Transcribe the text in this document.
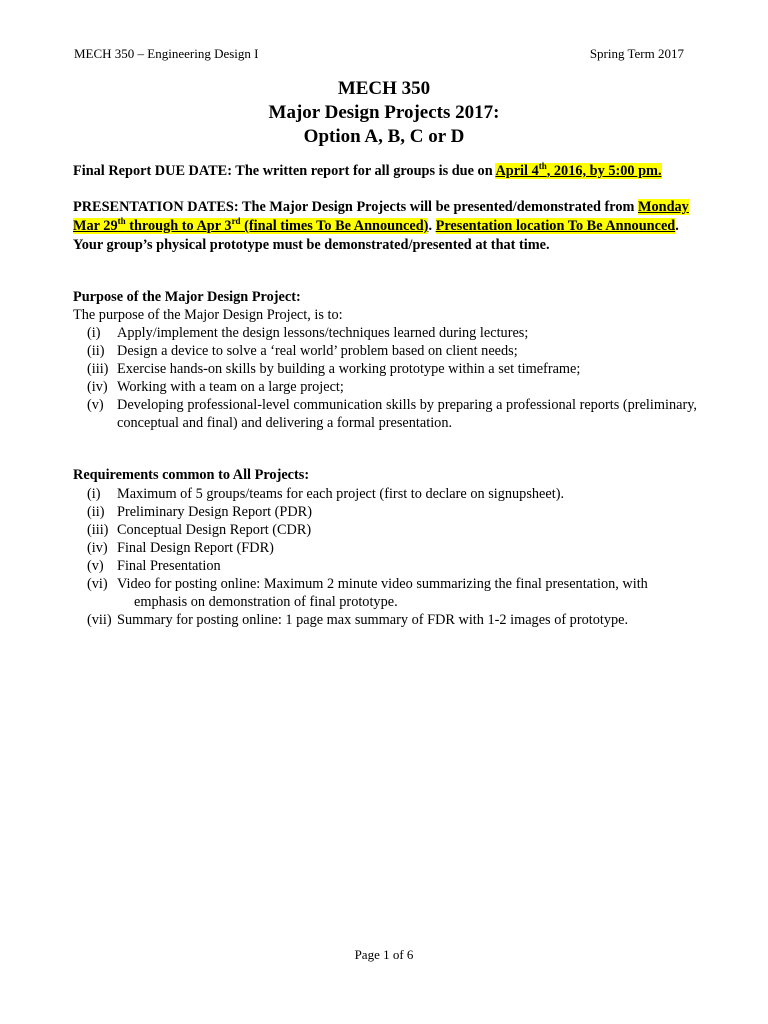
MECH 350 – Engineering Design I	Spring Term 2017
MECH 350
Major Design Projects 2017:
Option A, B, C or D
Final Report DUE DATE: The written report for all groups is due on April 4th, 2016, by 5:00 pm.
PRESENTATION DATES: The Major Design Projects will be presented/demonstrated from Monday Mar 29th through to Apr 3rd (final times To Be Announced). Presentation location To Be Announced. Your group’s physical prototype must be demonstrated/presented at that time.
Purpose of the Major Design Project:
The purpose of the Major Design Project, is to:
(i)	Apply/implement the design lessons/techniques learned during lectures;
(ii) Design a device to solve a ‘real world’ problem based on client needs;
(iii) Exercise hands-on skills by building a working prototype within a set timeframe;
(iv) Working with a team on a large project;
(v) Developing professional-level communication skills by preparing a professional reports (preliminary, conceptual and final) and delivering a formal presentation.
Requirements common to All Projects:
(i)	Maximum of 5 groups/teams for each project (first to declare on signupsheet).
(ii) Preliminary Design Report (PDR)
(iii) Conceptual Design Report (CDR)
(iv) Final Design Report (FDR)
(v) Final Presentation
(vi) Video for posting online: Maximum 2 minute video summarizing the final presentation, with
emphasis on demonstration of final prototype.
(vii) Summary for posting online: 1 page max summary of FDR with 1-2 images of prototype.
Page 1 of 6
